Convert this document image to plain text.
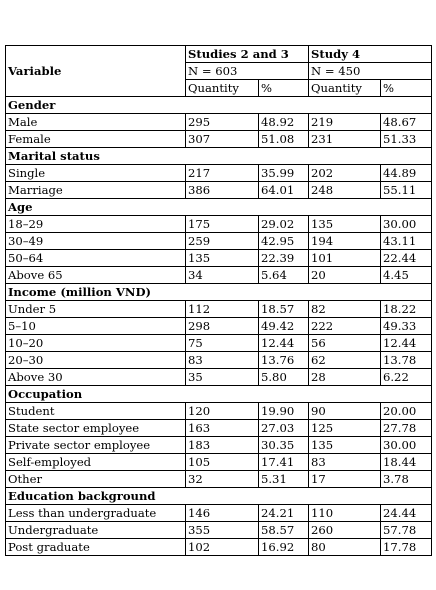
Variable	Studies 2 and 3		Study 4	
	N = 603		N = 450	
	Quantity	%	Quantity	%
Gender				
Male	295	48.92	219	48.67
Female	307	51.08	231	51.33
Marital status				
Single	217	35.99	202	44.89
Marriage	386	64.01	248	55.11
Age				
18–29	175	29.02	135	30.00
30–49	259	42.95	194	43.11
50–64	135	22.39	101	22.44
Above 65	34	5.64	20	4.45
Income (million VND)				
Under 5	112	18.57	82	18.22
5–10	298	49.42	222	49.33
10–20	75	12.44	56	12.44
20–30	83	13.76	62	13.78
Above 30	35	5.80	28	6.22
Occupation				
Student	120	19.90	90	20.00
State sector employee	163	27.03	125	27.78
Private sector employee	183	30.35	135	30.00
Self-employed	105	17.41	83	18.44
Other	32	5.31	17	3.78
Education background				
Less than undergraduate	146	24.21	110	24.44
Undergraduate	355	58.57	260	57.78
Post graduate	102	16.92	80	17.78
